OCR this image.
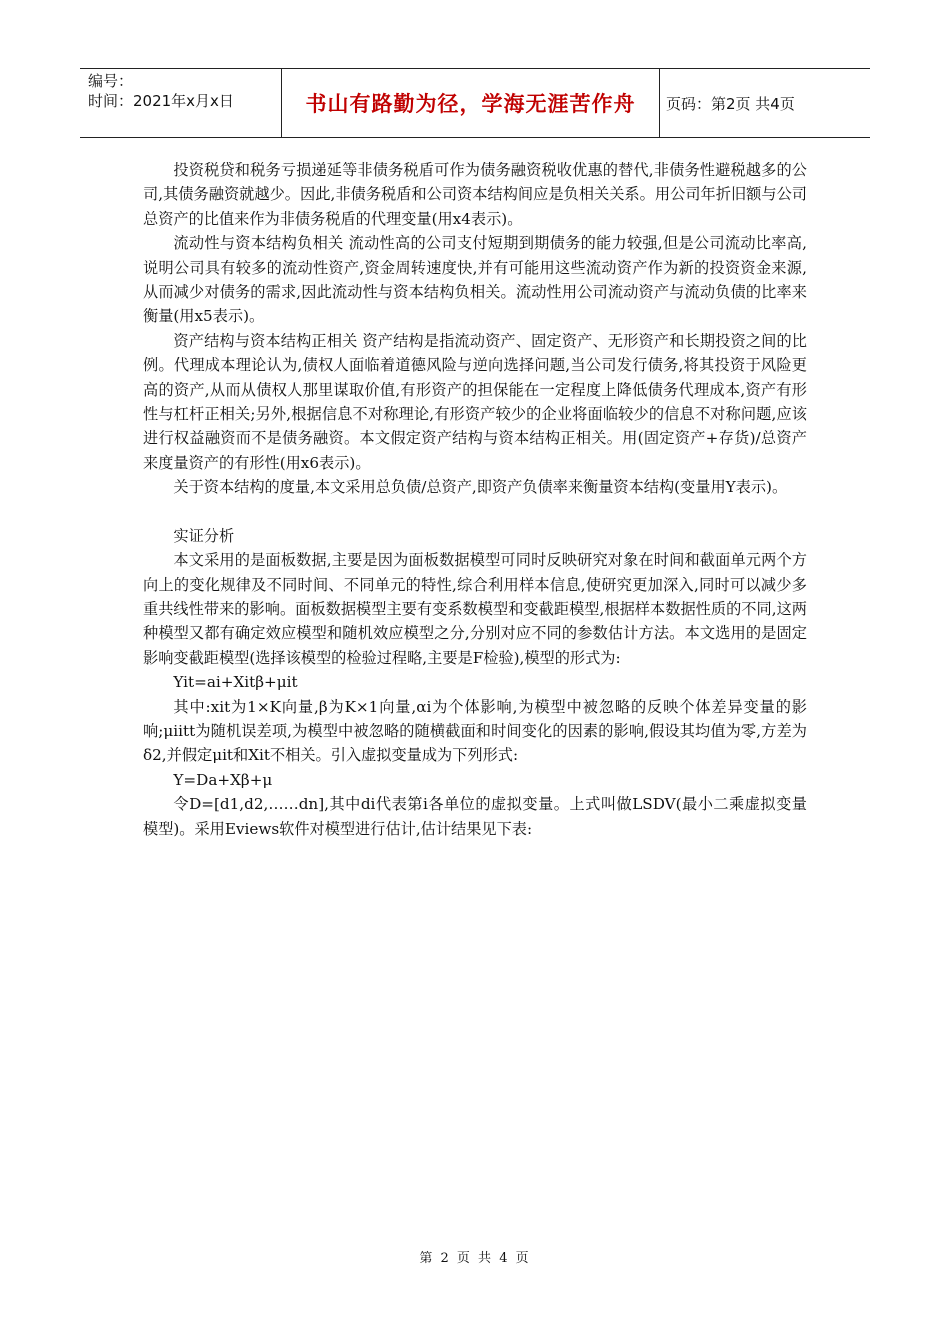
编号：
时间：2021年x月x日	书山有路勤为径，学海无涯苦作舟 页码：第2页 共4页

投资税贷和税务亏损递延等非债务税盾可作为债务融资税收优惠的替代,非债务性避税越多的公司,其债务融资就越少。因此,非债务税盾和公司资本结构间应是负相关关系。用公司年折旧额与公司总资产的比值来作为非债务税盾的代理变量(用x4表示)。

流动性与资本结构负相关 流动性高的公司支付短期到期债务的能力较强,但是公司流动比率高,说明公司具有较多的流动性资产,资金周转速度快,并有可能用这些流动资产作为新的投资资金来源,从而减少对债务的需求,因此流动性与资本结构负相关。流动性用公司流动资产与流动负债的比率来衡量(用x5表示)。

资产结构与资本结构正相关 资产结构是指流动资产、固定资产、无形资产和长期投资之间的比例。代理成本理论认为,债权人面临着道德风险与逆向选择问题,当公司发行债务,将其投资于风险更高的资产,从而从债权人那里谋取价值,有形资产的担保能在一定程度上降低债务代理成本,资产有形性与杠杆正相关;另外,根据信息不对称理论,有形资产较少的企业将面临较少的信息不对称问题,应该进行权益融资而不是债务融资。本文假定资产结构与资本结构正相关。用(固定资产+存货)/总资产来度量资产的有形性(用x6表示)。

关于资本结构的度量,本文采用总负债/总资产,即资产负债率来衡量资本结构(变量用Y表示)。

实证分析

本文采用的是面板数据,主要是因为面板数据模型可同时反映研究对象在时间和截面单元两个方向上的变化规律及不同时间、不同单元的特性,综合利用样本信息,使研究更加深入,同时可以减少多重共线性带来的影响。面板数据模型主要有变系数模型和变截距模型,根据样本数据性质的不同,这两种模型又都有确定效应模型和随机效应模型之分,分别对应不同的参数估计方法。本文选用的是固定影响变截距模型(选择该模型的检验过程略,主要是F检验),模型的形式为:

Yit=ai+Xitβ+μit

其中:xit为1×K向量,β为K×1向量,αi为个体影响,为模型中被忽略的反映个体差异变量的影响;μiitt为随机误差项,为模型中被忽略的随横截面和时间变化的因素的影响,假设其均值为零,方差为δ2,并假定μit和Xit不相关。引入虚拟变量成为下列形式:

Y=Da+Xβ+μ

令D=[d1,d2,……dn],其中di代表第i各单位的虚拟变量。上式叫做LSDV(最小二乘虚拟变量模型)。采用Eviews软件对模型进行估计,估计结果见下表:

第 2 页 共 4 页
